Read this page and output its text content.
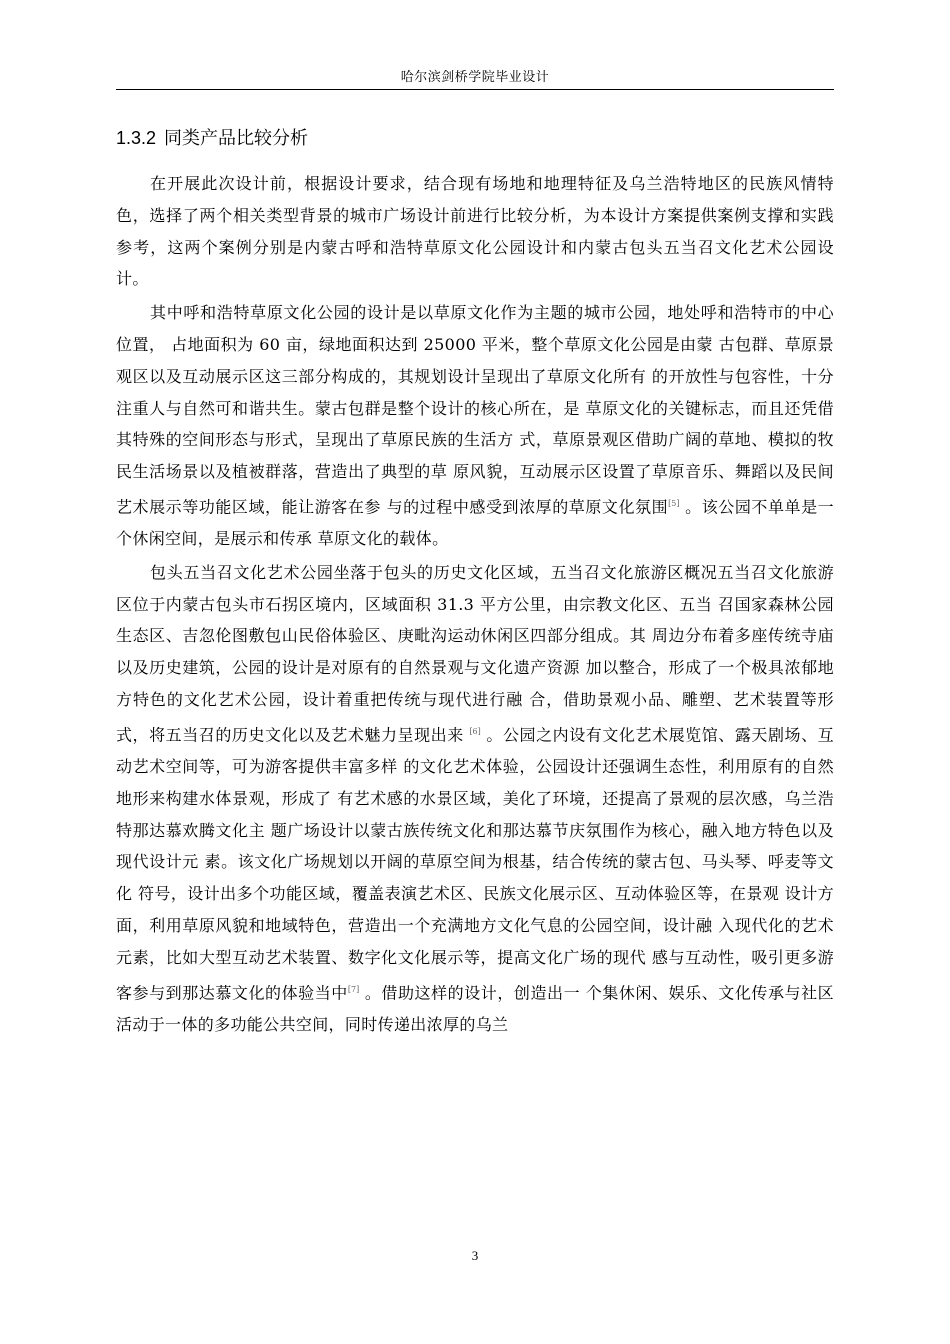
哈尔滨剑桥学院毕业设计
1.3.2 同类产品比较分析

在开展此次设计前，根据设计要求，结合现有场地和地理特征及乌兰浩特地区的民族风情特色，选择了两个相关类型背景的城市广场设计前进行比较分析，为本设计方案提供案例支撑和实践参考，这两个案例分别是内蒙古呼和浩特草原文化公园设计和内蒙古包头五当召文化艺术公园设计。

其中呼和浩特草原文化公园的设计是以草原文化作为主题的城市公园，地处呼和浩特市的中心位置， 占地面积为 60 亩，绿地面积达到 25000 平米，整个草原文化公园是由蒙 古包群、草原景观区以及互动展示区这三部分构成的，其规划设计呈现出了草原文化所有 的开放性与包容性，十分注重人与自然可和谐共生。蒙古包群是整个设计的核心所在，是 草原文化的关键标志，而且还凭借其特殊的空间形态与形式，呈现出了草原民族的生活方 式，草原景观区借助广阔的草地、模拟的牧民生活场景以及植被群落，营造出了典型的草 原风貌，互动展示区设置了草原音乐、舞蹈以及民间艺术展示等功能区域，能让游客在参 与的过程中感受到浓厚的草原文化氛围[5] 。该公园不单单是一个休闲空间，是展示和传承 草原文化的载体。

包头五当召文化艺术公园坐落于包头的历史文化区域，五当召文化旅游区概况五当召文化旅游区位于内蒙古包头市石拐区境内，区域面积 31.3 平方公里，由宗教文化区、五当 召国家森林公园生态区、吉忽伦图敷包山民俗体验区、庚毗沟运动休闲区四部分组成。其 周边分布着多座传统寺庙以及历史建筑，公园的设计是对原有的自然景观与文化遗产资源 加以整合，形成了一个极具浓郁地方特色的文化艺术公园，设计着重把传统与现代进行融 合，借助景观小品、雕塑、艺术装置等形式，将五当召的历史文化以及艺术魅力呈现出来 [6] 。公园之内设有文化艺术展览馆、露天剧场、互动艺术空间等，可为游客提供丰富多样 的文化艺术体验，公园设计还强调生态性，利用原有的自然地形来构建水体景观，形成了 有艺术感的水景区域，美化了环境，还提高了景观的层次感，乌兰浩特那达慕欢腾文化主 题广场设计以蒙古族传统文化和那达慕节庆氛围作为核心，融入地方特色以及现代设计元 素。该文化广场规划以开阔的草原空间为根基，结合传统的蒙古包、马头琴、呼麦等文化 符号，设计出多个功能区域，覆盖表演艺术区、民族文化展示区、互动体验区等，在景观 设计方面，利用草原风貌和地域特色，营造出一个充满地方文化气息的公园空间，设计融 入现代化的艺术元素，比如大型互动艺术装置、数字化文化展示等，提高文化广场的现代 感与互动性，吸引更多游客参与到那达慕文化的体验当中[7] 。借助这样的设计，创造出一 个集休闲、娱乐、文化传承与社区活动于一体的多功能公共空间，同时传递出浓厚的乌兰

3
